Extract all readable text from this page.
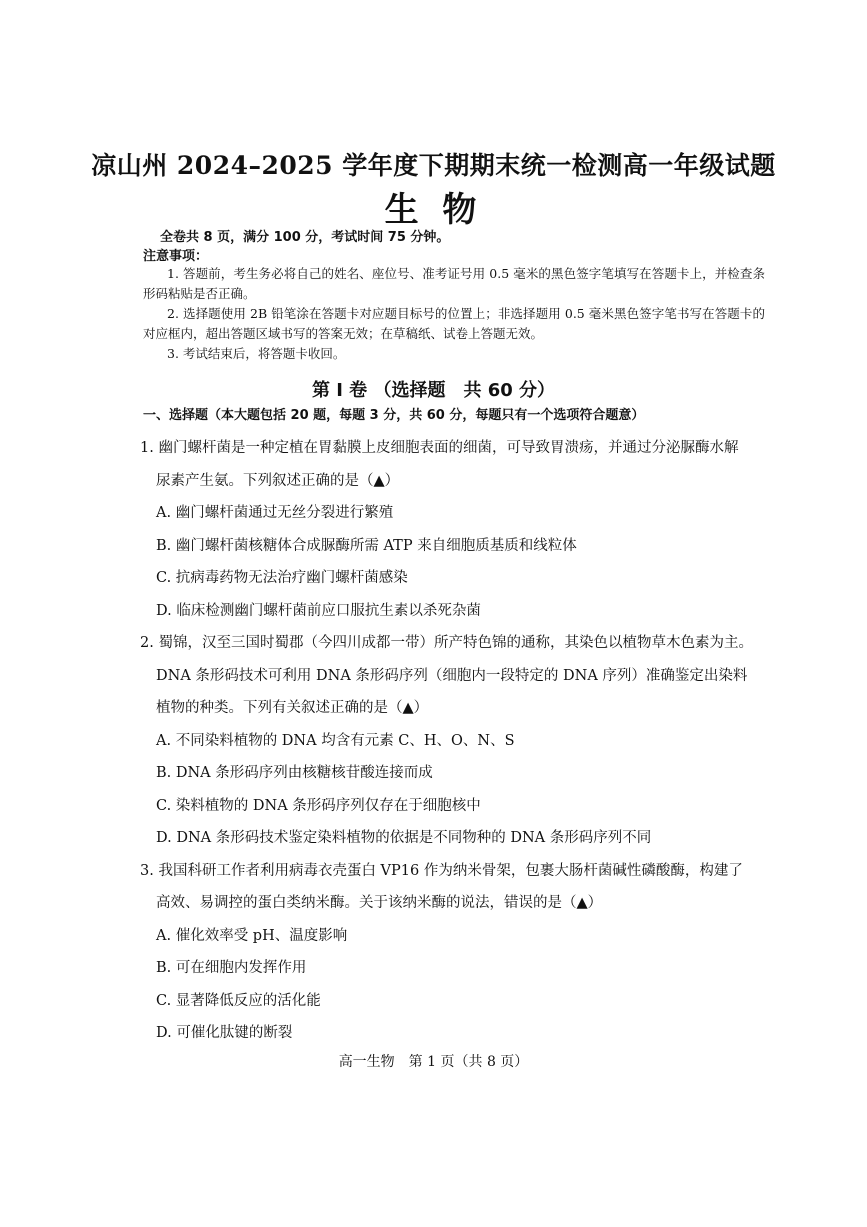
凉山州 2024–2025 学年度下期期末统一检测高一年级试题
生 物
全卷共 8 页，满分 100 分，考试时间 75 分钟。
注意事项：

1. 答题前，考生务必将自己的姓名、座位号、准考证号用 0.5 毫米的黑色签字笔填写在答题卡上，并检查条形码粘贴是否正确。

2. 选择题使用 2B 铅笔涂在答题卡对应题目标号的位置上；非选择题用 0.5 毫米黑色签字笔书写在答题卡的对应框内，超出答题区域书写的答案无效；在草稿纸、试卷上答题无效。

3. 考试结束后，将答题卡收回。

第 Ⅰ 卷 （选择题　共 60 分）
一、选择题（本大题包括 20 题，每题 3 分，共 60 分，每题只有一个选项符合题意）
1. 幽门螺杆菌是一种定植在胃黏膜上皮细胞表面的细菌，可导致胃溃疡，并通过分泌脲酶水解
尿素产生氨。下列叙述正确的是（▲）
A. 幽门螺杆菌通过无丝分裂进行繁殖
B. 幽门螺杆菌核糖体合成脲酶所需 ATP 来自细胞质基质和线粒体
C. 抗病毒药物无法治疗幽门螺杆菌感染
D. 临床检测幽门螺杆菌前应口服抗生素以杀死杂菌
2. 蜀锦，汉至三国时蜀郡（今四川成都一带）所产特色锦的通称，其染色以植物草木色素为主。
DNA 条形码技术可利用 DNA 条形码序列（细胞内一段特定的 DNA 序列）准确鉴定出染料
植物的种类。下列有关叙述正确的是（▲）
A. 不同染料植物的 DNA 均含有元素 C、H、O、N、S
B. DNA 条形码序列由核糖核苷酸连接而成
C. 染料植物的 DNA 条形码序列仅存在于细胞核中
D. DNA 条形码技术鉴定染料植物的依据是不同物种的 DNA 条形码序列不同
3. 我国科研工作者利用病毒衣壳蛋白 VP16 作为纳米骨架，包裹大肠杆菌碱性磷酸酶，构建了
高效、易调控的蛋白类纳米酶。关于该纳米酶的说法，错误的是（▲）
A. 催化效率受 pH、温度影响
B. 可在细胞内发挥作用
C. 显著降低反应的活化能
D. 可催化肽键的断裂
高一生物　第 1 页（共 8 页）
